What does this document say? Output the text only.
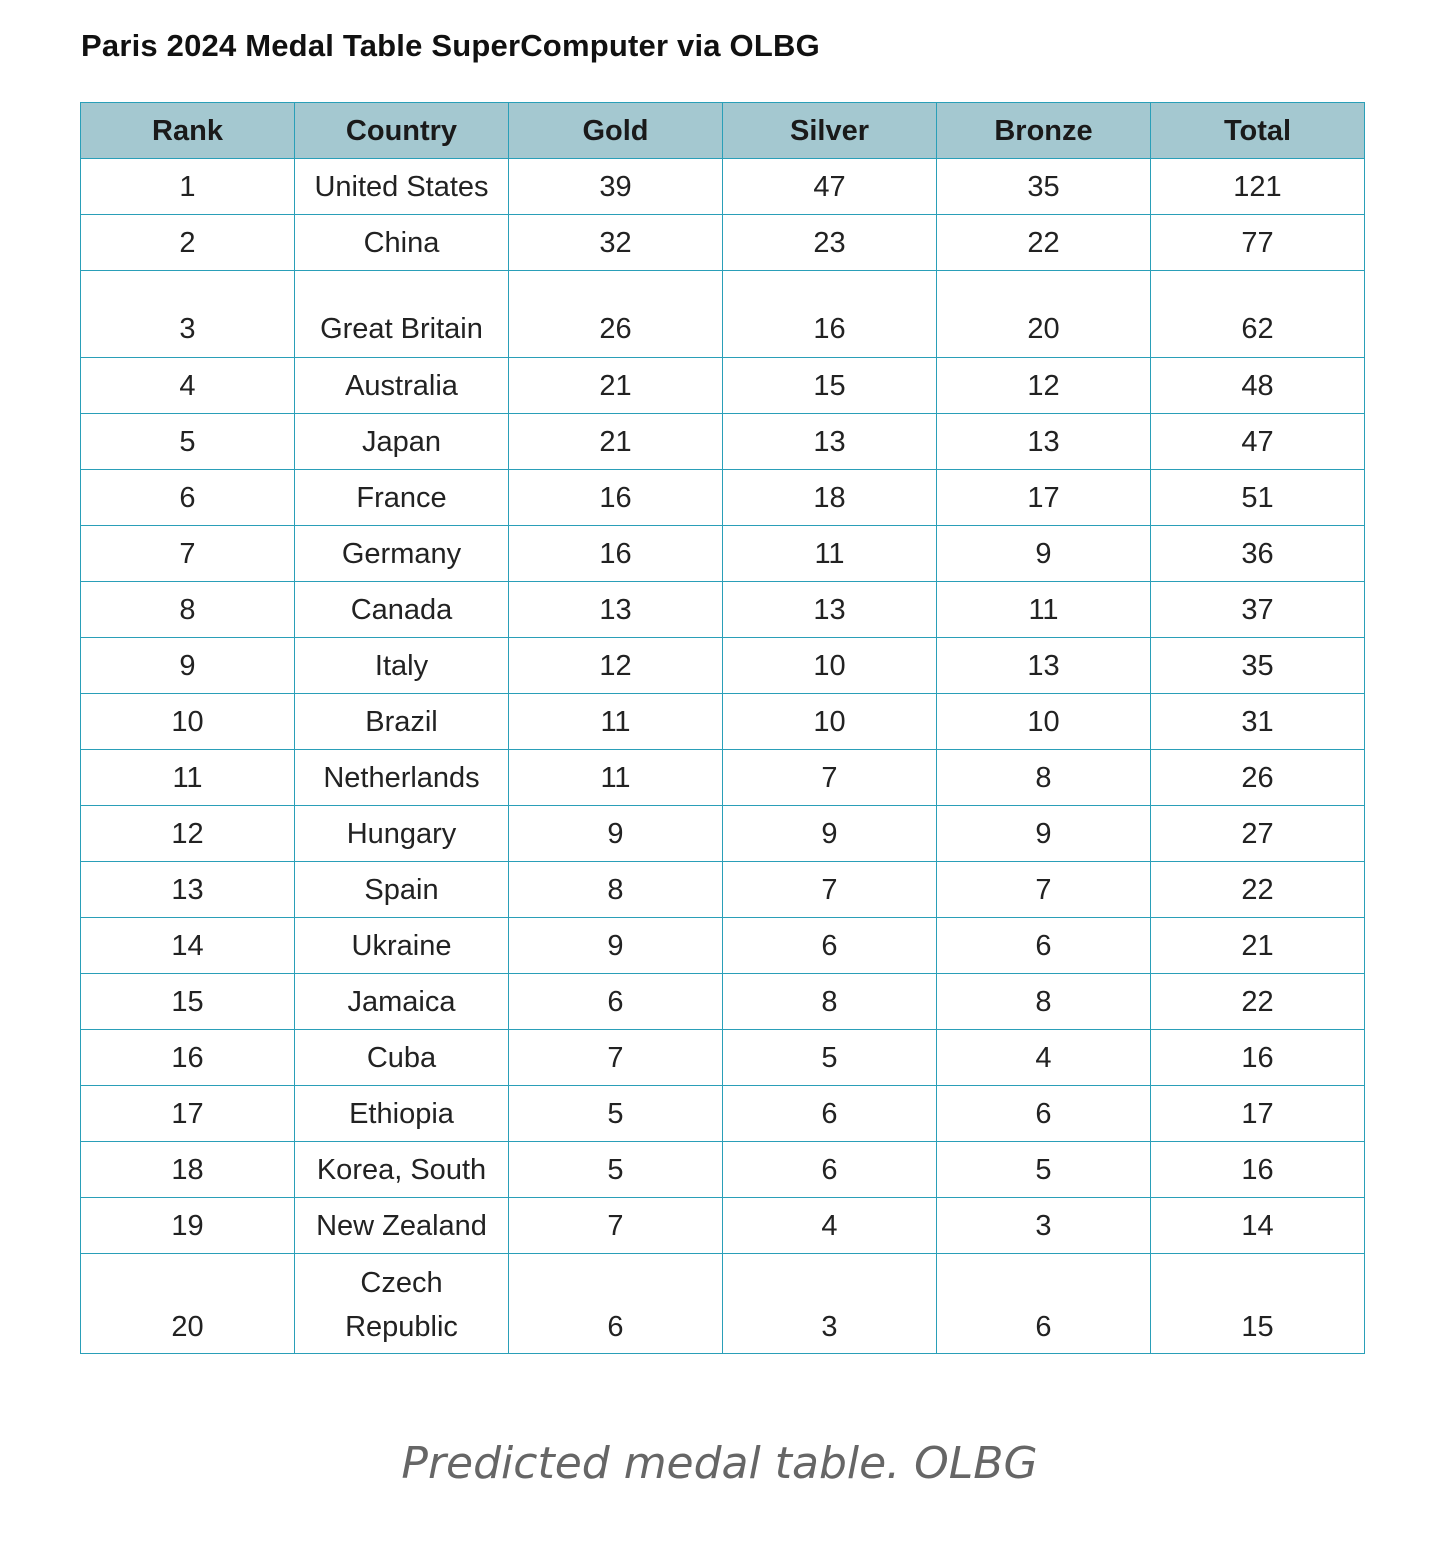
Paris 2024 Medal Table SuperComputer via OLBG
Rank	Country	Gold	Silver	Bronze	Total
1	United States	39	47	35	121
2	China	32	23	22	77
3	Great Britain	26	16	20	62
4	Australia	21	15	12	48
5	Japan	21	13	13	47
6	France	16	18	17	51
7	Germany	16	11	9	36
8	Canada	13	13	11	37
9	Italy	12	10	13	35
10	Brazil	11	10	10	31
11	Netherlands	11	7	8	26
12	Hungary	9	9	9	27
13	Spain	8	7	7	22
14	Ukraine	9	6	6	21
15	Jamaica	6	8	8	22
16	Cuba	7	5	4	16
17	Ethiopia	5	6	6	17
18	Korea, South	5	6	5	16
19	New Zealand	7	4	3	14
20	Czech Republic	6	3	6	15
Predicted medal table. OLBG
